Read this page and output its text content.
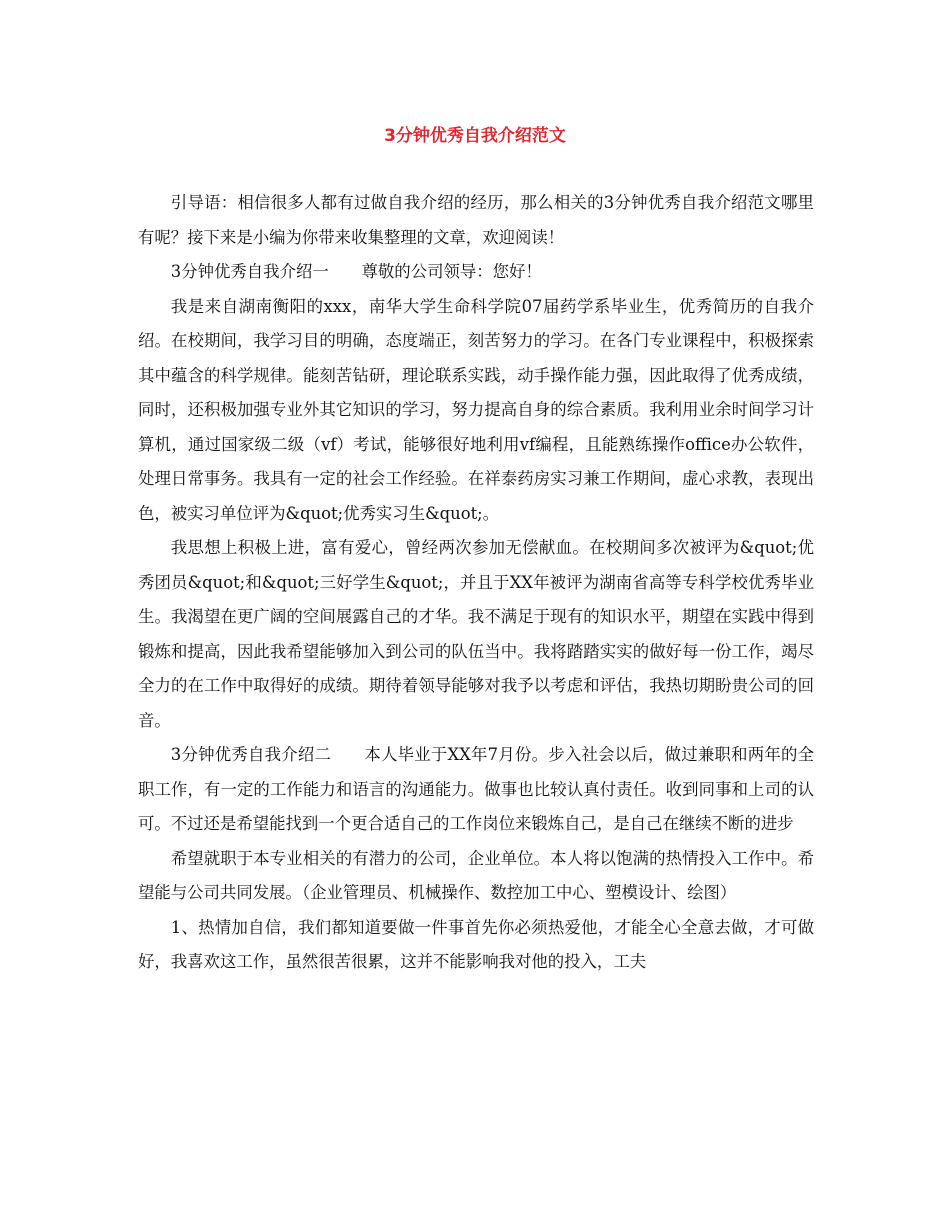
3分钟优秀自我介绍范文

引导语：相信很多人都有过做自我介绍的经历，那么相关的3分钟优秀自我介绍范文哪里有呢？接下来是小编为你带来收集整理的文章，欢迎阅读！

3分钟优秀自我介绍一　　尊敬的公司领导：您好！

我是来自湖南衡阳的xxx，南华大学生命科学院07届药学系毕业生，优秀简历的自我介绍。在校期间，我学习目的明确，态度端正，刻苦努力的学习。在各门专业课程中，积极探索其中蕴含的科学规律。能刻苦钻研，理论联系实践，动手操作能力强，因此取得了优秀成绩，同时，还积极加强专业外其它知识的学习，努力提高自身的综合素质。我利用业余时间学习计算机，通过国家级二级（vf）考试，能够很好地利用vf编程，且能熟练操作office办公软件，处理日常事务。我具有一定的社会工作经验。在祥泰药房实习兼工作期间，虚心求教，表现出色，被实习单位评为&quot;优秀实习生&quot;。

我思想上积极上进，富有爱心，曾经两次参加无偿献血。在校期间多次被评为&quot;优秀团员&quot;和&quot;三好学生&quot;，并且于XX年被评为湖南省高等专科学校优秀毕业生。我渴望在更广阔的空间展露自己的才华。我不满足于现有的知识水平，期望在实践中得到锻炼和提高，因此我希望能够加入到公司的队伍当中。我将踏踏实实的做好每一份工作，竭尽全力的在工作中取得好的成绩。期待着领导能够对我予以考虑和评估，我热切期盼贵公司的回音。

3分钟优秀自我介绍二　　本人毕业于XX年7月份。步入社会以后，做过兼职和两年的全职工作，有一定的工作能力和语言的沟通能力。做事也比较认真付责任。收到同事和上司的认可。不过还是希望能找到一个更合适自己的工作岗位来锻炼自己，是自己在继续不断的进步

希望就职于本专业相关的有潜力的公司，企业单位。本人将以饱满的热情投入工作中。希望能与公司共同发展。（企业管理员、机械操作、数控加工中心、塑模设计、绘图）

1、热情加自信，我们都知道要做一件事首先你必须热爱他，才能全心全意去做，才可做好，我喜欢这工作，虽然很苦很累，这并不能影响我对他的投入，工夫
